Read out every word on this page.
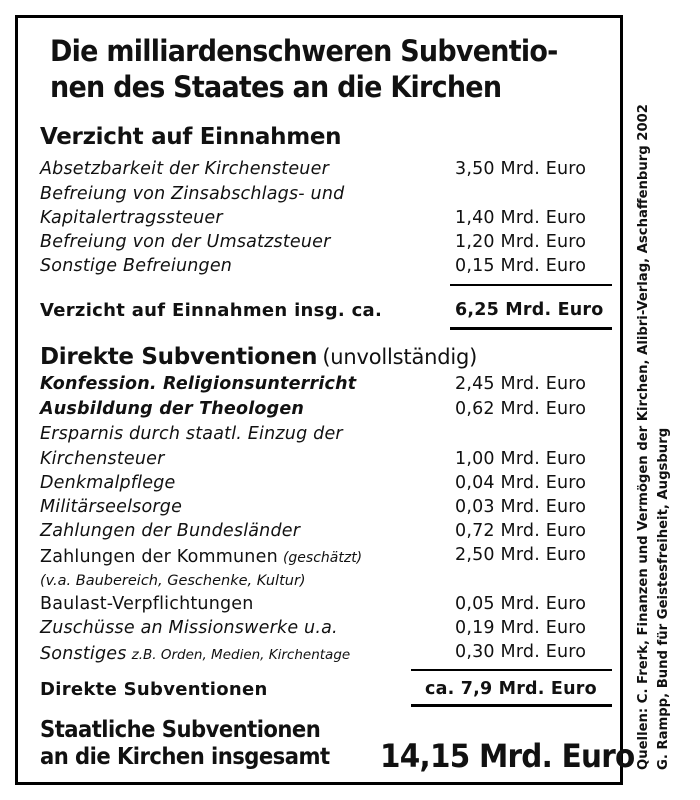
Die milliardenschweren Subventio-
nen des Staates an die Kirchen
Verzicht auf Einnahmen
Absetzbarkeit der Kirchensteuer	3,50 Mrd. Euro
Befreiung von Zinsabschlags- und
Kapitalertragssteuer	1,40 Mrd. Euro
Befreiung von der Umsatzsteuer	1,20 Mrd. Euro
Sonstige Befreiungen	0,15 Mrd. Euro
Verzicht auf Einnahmen insg. ca.	6,25 Mrd. Euro
Direkte Subventionen (unvollständig)
Konfession. Religionsunterricht	2,45 Mrd. Euro
Ausbildung der Theologen	0,62 Mrd. Euro
Ersparnis durch staatl. Einzug der
Kirchensteuer	1,00 Mrd. Euro
Denkmalpflege	0,04 Mrd. Euro
Militärseelsorge	0,03 Mrd. Euro
Zahlungen der Bundesländer	0,72 Mrd. Euro
Zahlungen der Kommunen (geschätzt)	2,50 Mrd. Euro
(v.a. Baubereich, Geschenke, Kultur)
Baulast-Verpflichtungen	0,05 Mrd. Euro
Zuschüsse an Missionswerke u.a.	0,19 Mrd. Euro
Sonstiges z.B. Orden, Medien, Kirchentage	0,30 Mrd. Euro
Direkte Subventionen	ca. 7,9 Mrd. Euro
Staatliche Subventionen
an die Kirchen insgesamt 14,15 Mrd. Euro Quellen: C. Frerk, Finanzen und Vermögen der Kirchen, Alibri-Verlag, Aschaffenburg 2002 G. Rampp, Bund für Geistesfreiheit, Augsburg
